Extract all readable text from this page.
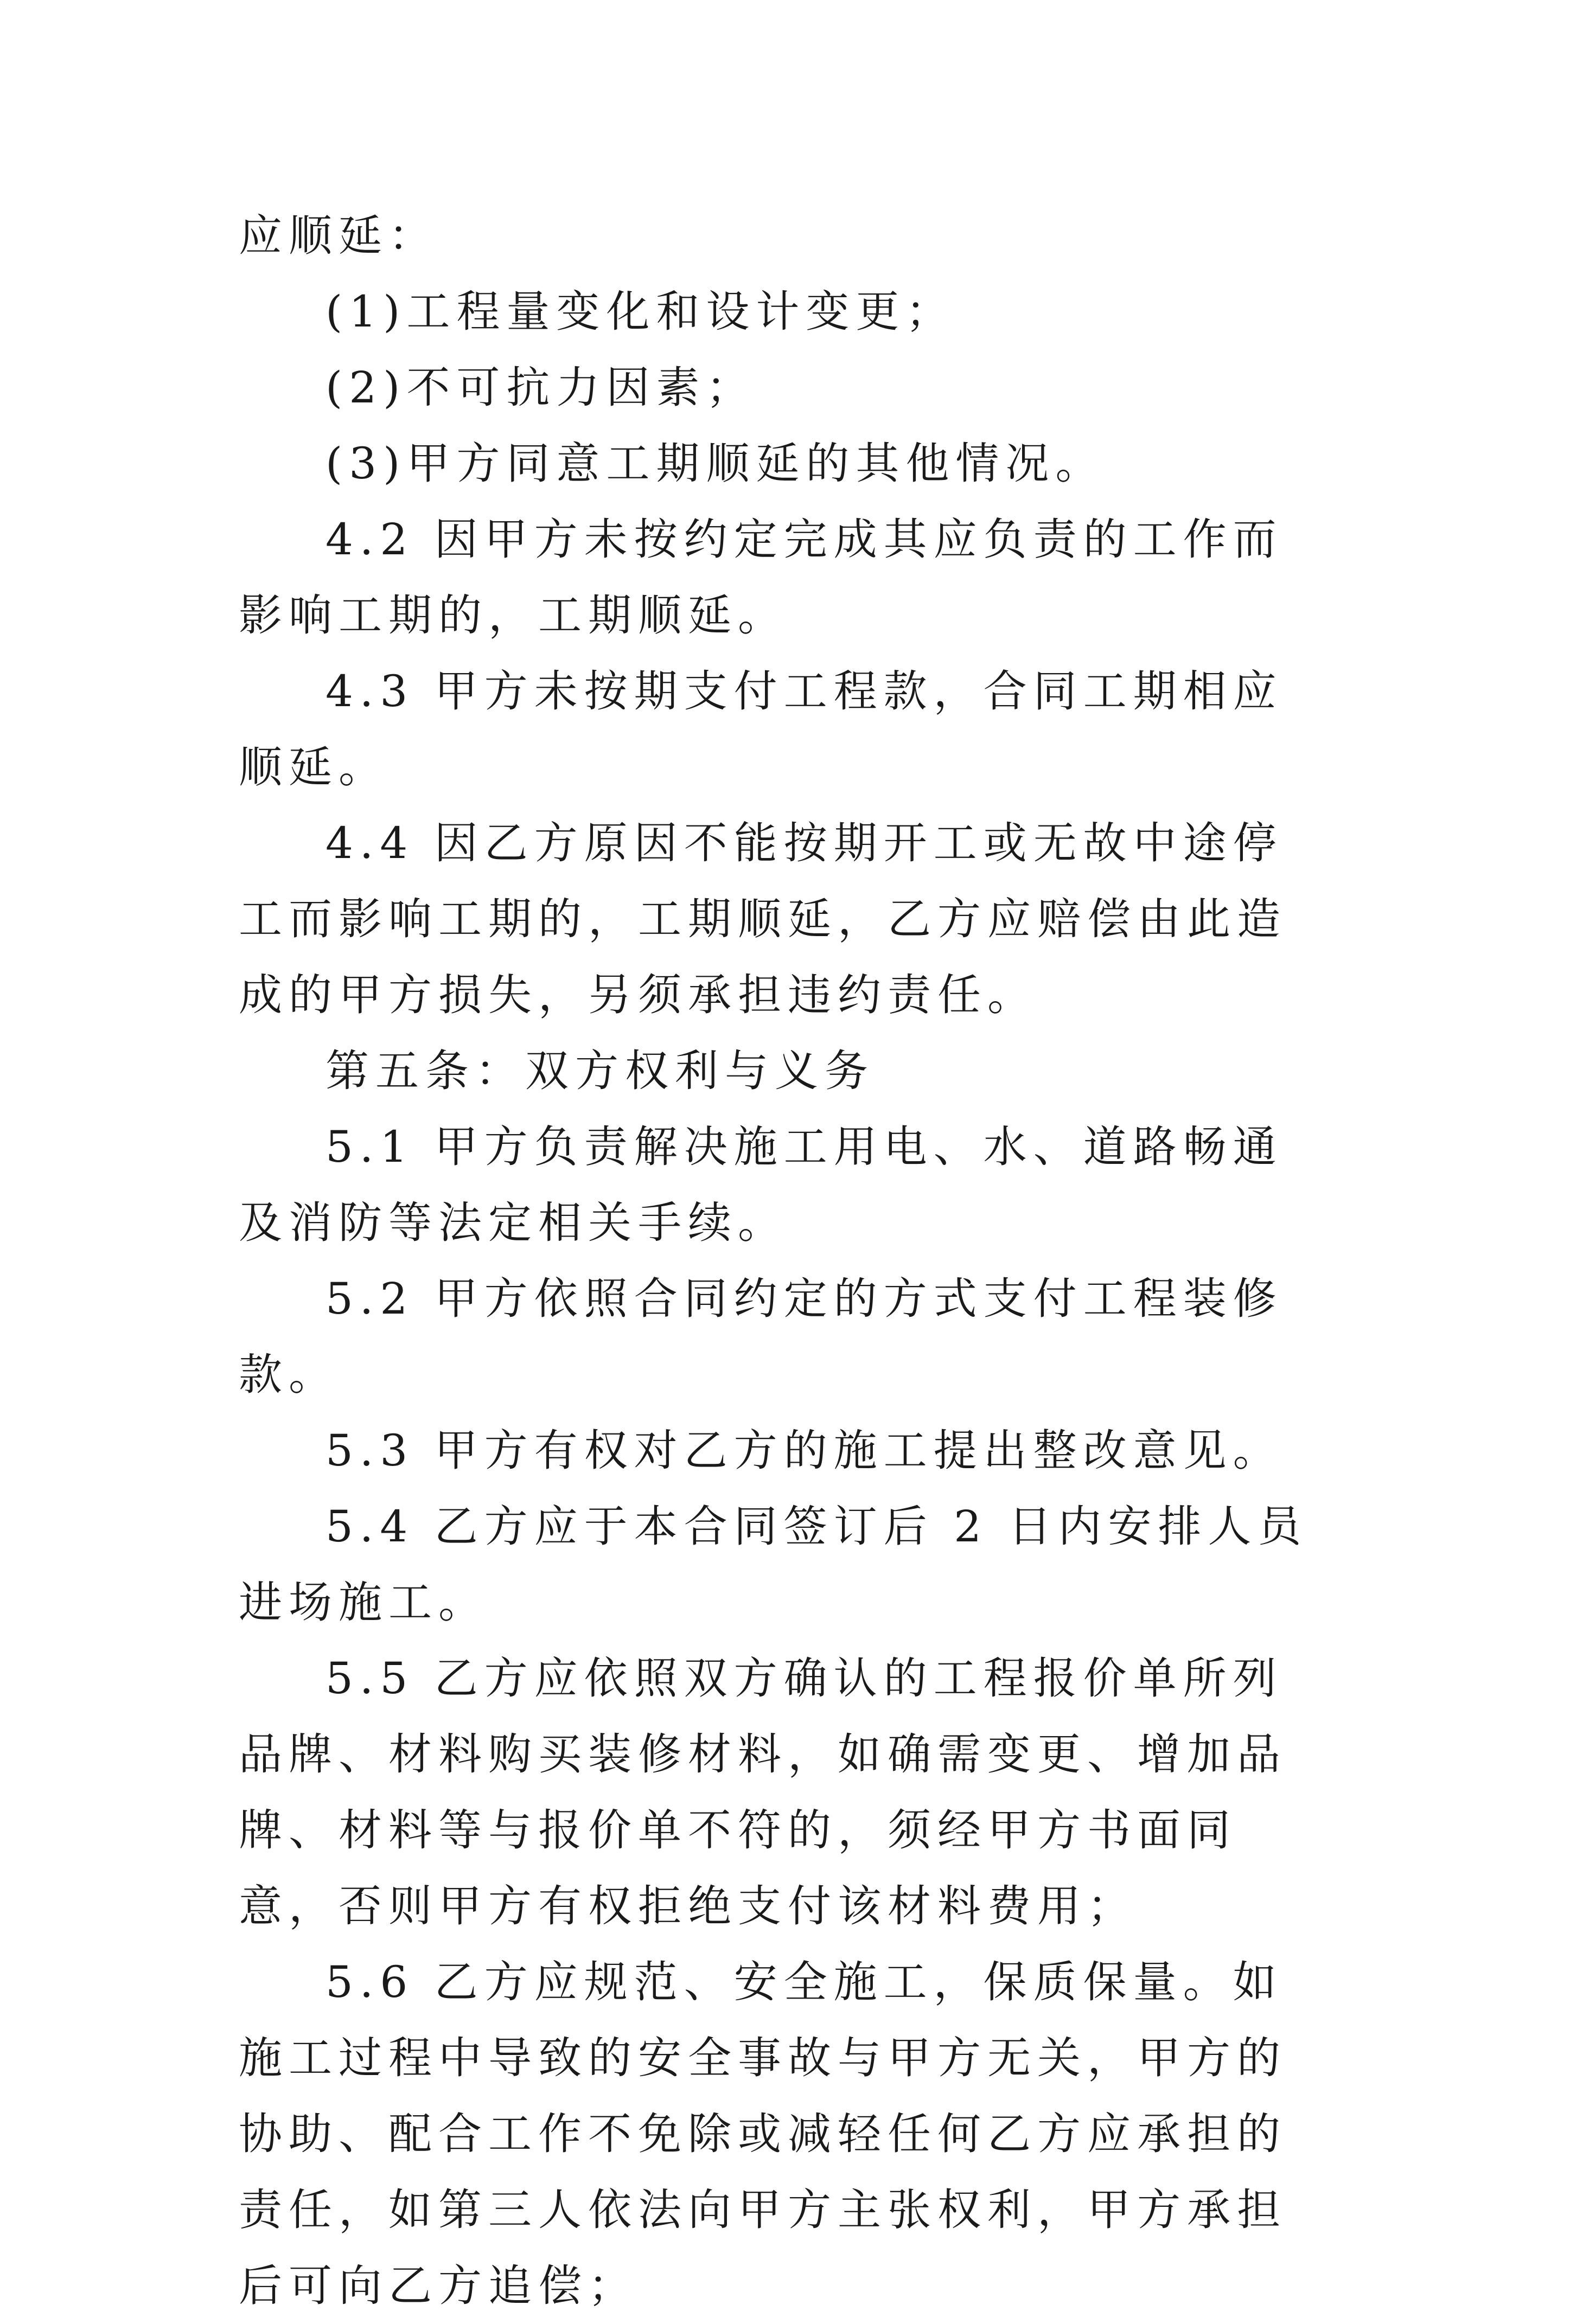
应顺延：

(1)工程量变化和设计变更；

(2)不可抗力因素；

(3)甲方同意工期顺延的其他情况。

4.2 因甲方未按约定完成其应负责的工作而影响工期的，工期顺延。

4.3 甲方未按期支付工程款，合同工期相应顺延。

4.4 因乙方原因不能按期开工或无故中途停工而影响工期的，工期顺延，乙方应赔偿由此造成的甲方损失，另须承担违约责任。

第五条：双方权利与义务

5.1 甲方负责解决施工用电、水、道路畅通及消防等法定相关手续。

5.2 甲方依照合同约定的方式支付工程装修款。

5.3 甲方有权对乙方的施工提出整改意见。

5.4 乙方应于本合同签订后 2 日内安排人员进场施工。

5.5 乙方应依照双方确认的工程报价单所列品牌、材料购买装修材料，如确需变更、增加品牌、材料等与报价单不符的，须经甲方书面同意，否则甲方有权拒绝支付该材料费用；

5.6 乙方应规范、安全施工，保质保量。如施工过程中导致的安全事故与甲方无关，甲方的协助、配合工作不免除或减轻任何乙方应承担的责任，如第三人依法向甲方主张权利，甲方承担后可向乙方追偿；
